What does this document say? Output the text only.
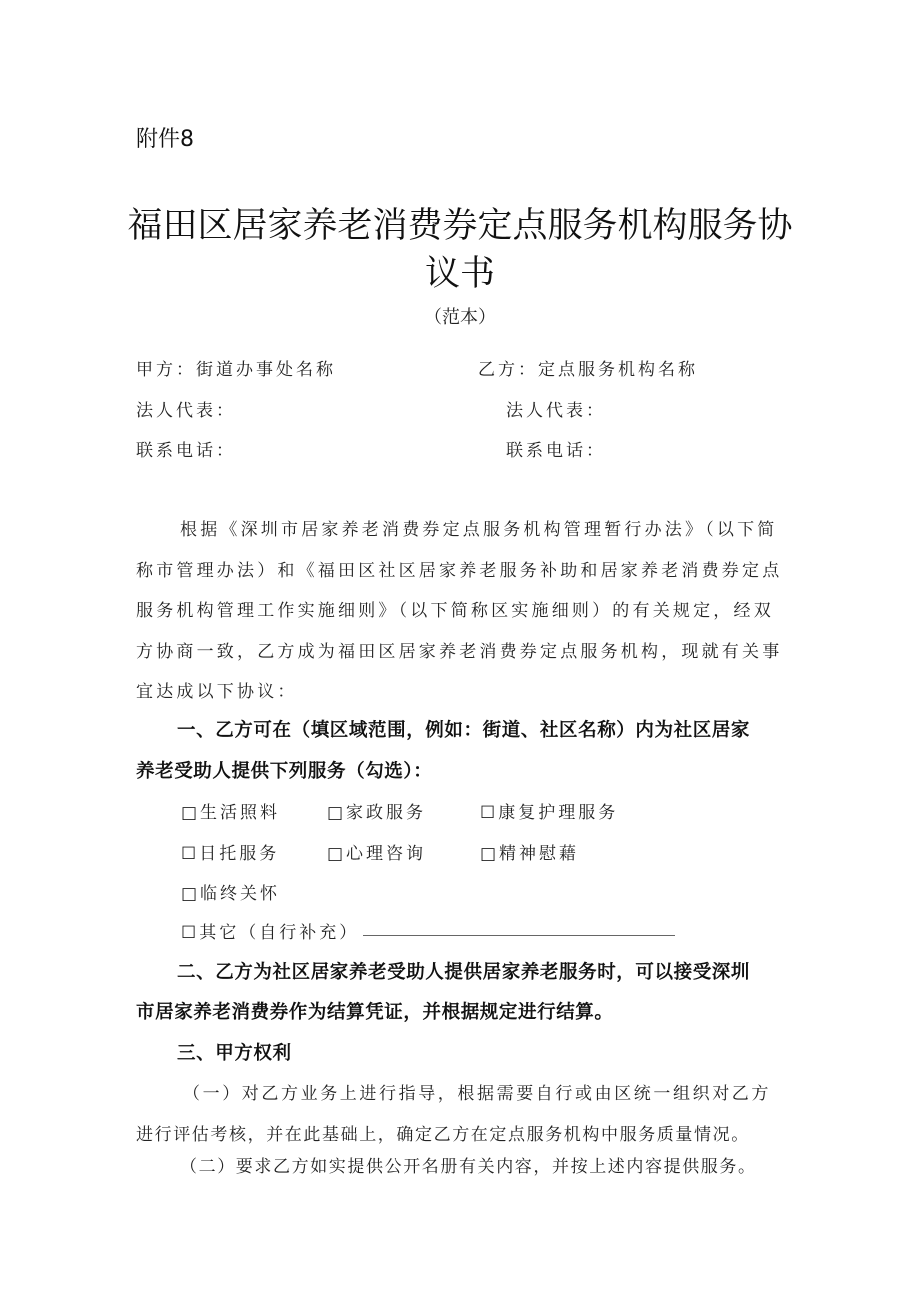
附件8
福田区居家养老消费券定点服务机构服务协
议书
（范本）
甲方：街道办事处名称	乙方：定点服务机构名称
法人代表：	法人代表：
联系电话：	联系电话：
根据《深圳市居家养老消费券定点服务机构管理暂行办法》（以下简
称市管理办法）和《福田区社区居家养老服务补助和居家养老消费券定点
服务机构管理工作实施细则》（以下简称区实施细则）的有关规定，经双
方协商一致，乙方成为福田区居家养老消费券定点服务机构，现就有关事
宜达成以下协议：
一、乙方可在（填区域范围，例如：街道、社区名称）内为社区居家
养老受助人提供下列服务（勾选）：
□生活照料	□家政服务	☐康复护理服务
☐日托服务	□心理咨询	□精神慰藉
□临终关怀
☐其它（自行补充）
二、乙方为社区居家养老受助人提供居家养老服务时，可以接受深圳
市居家养老消费券作为结算凭证，并根据规定进行结算。
三、甲方权利
（一）对乙方业务上进行指导，根据需要自行或由区统一组织对乙方
进行评估考核，并在此基础上，确定乙方在定点服务机构中服务质量情况。
（二）要求乙方如实提供公开名册有关内容，并按上述内容提供服务。
